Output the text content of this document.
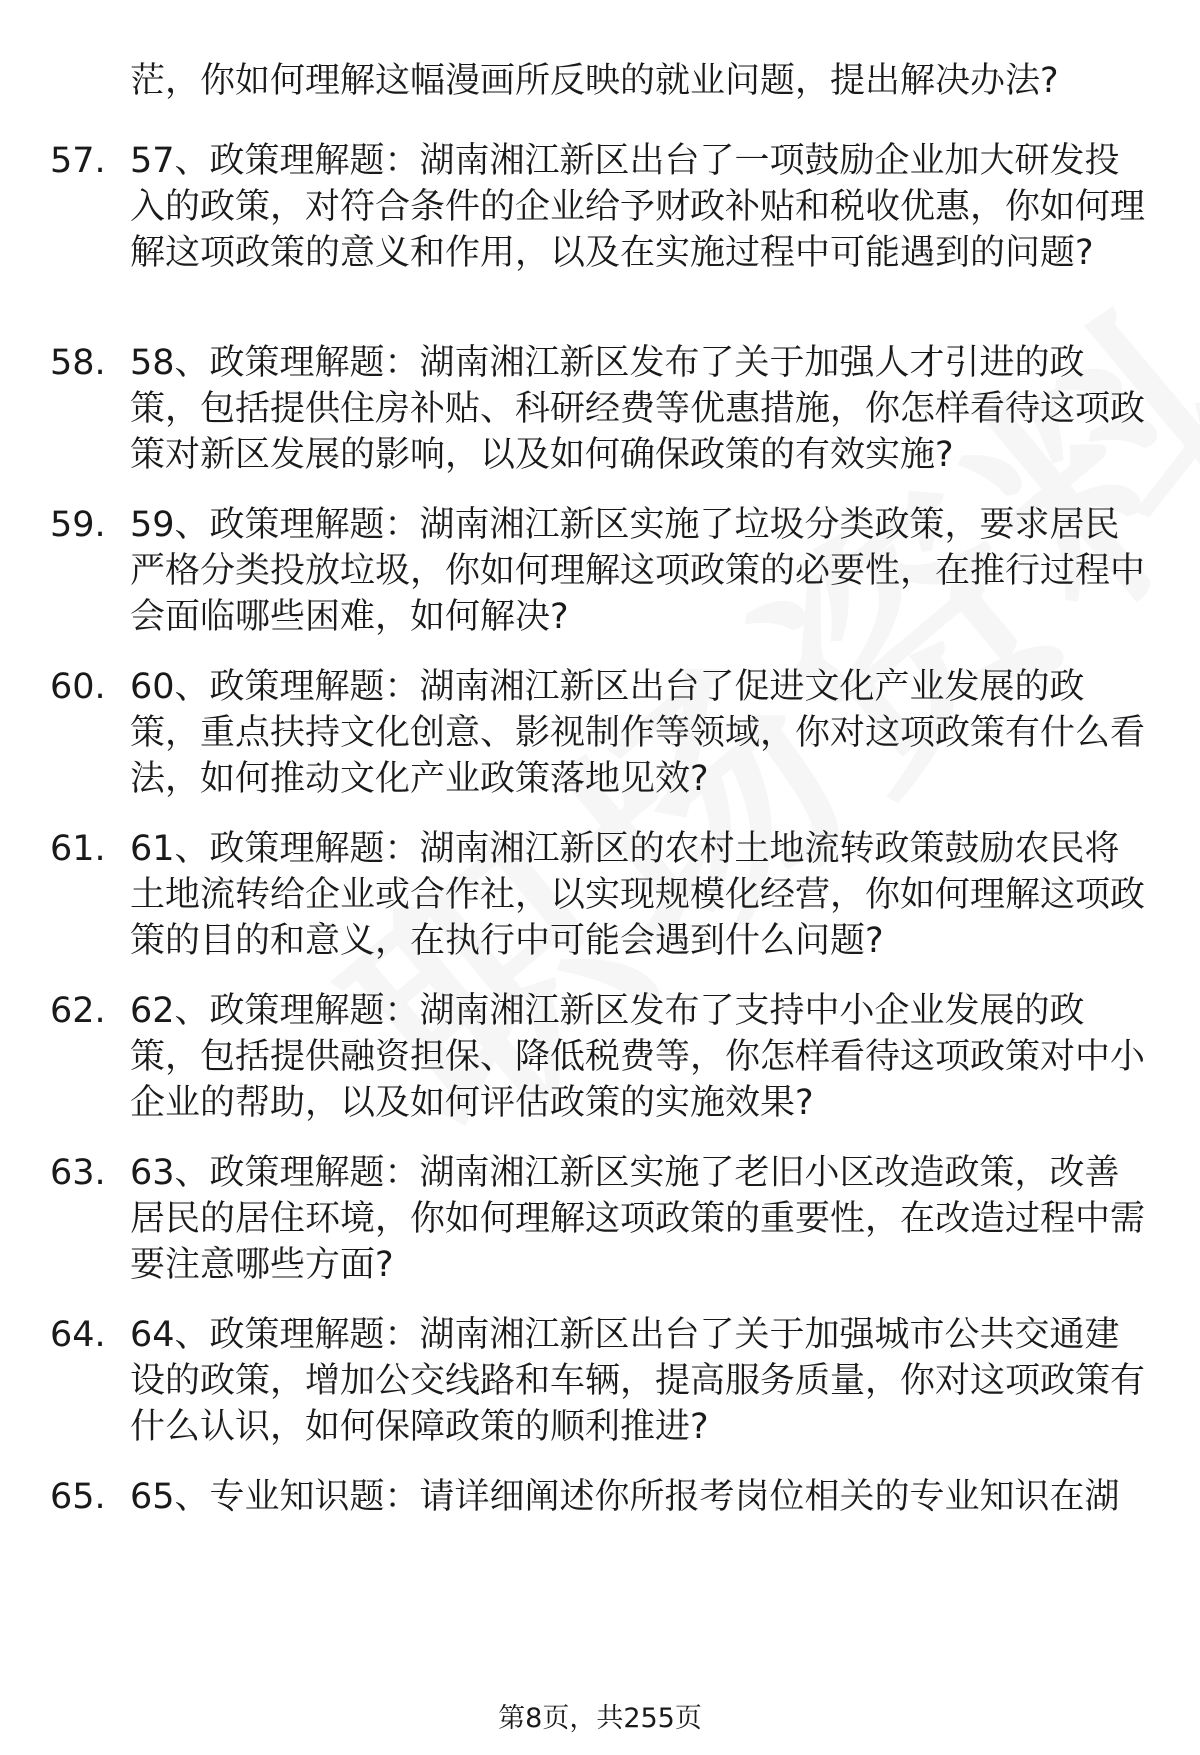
茫，你如何理解这幅漫画所反映的就业问题，提出解决办法?

57. 57、政策理解题：湖南湘江新区出台了一项鼓励企业加大研发投入的政策，对符合条件的企业给予财政补贴和税收优惠，你如何理解这项政策的意义和作用，以及在实施过程中可能遇到的问题?

58. 58、政策理解题：湖南湘江新区发布了关于加强人才引进的政策，包括提供住房补贴、科研经费等优惠措施，你怎样看待这项政策对新区发展的影响，以及如何确保政策的有效实施?

59. 59、政策理解题：湖南湘江新区实施了垃圾分类政策，要求居民严格分类投放垃圾，你如何理解这项政策的必要性，在推行过程中会面临哪些困难，如何解决?

60. 60、政策理解题：湖南湘江新区出台了促进文化产业发展的政策，重点扶持文化创意、影视制作等领域，你对这项政策有什么看法，如何推动文化产业政策落地见效?

61. 61、政策理解题：湖南湘江新区的农村土地流转政策鼓励农民将土地流转给企业或合作社，以实现规模化经营，你如何理解这项政策的目的和意义，在执行中可能会遇到什么问题?

62. 62、政策理解题：湖南湘江新区发布了支持中小企业发展的政策，包括提供融资担保、降低税费等，你怎样看待这项政策对中小企业的帮助，以及如何评估政策的实施效果?

63. 63、政策理解题：湖南湘江新区实施了老旧小区改造政策，改善居民的居住环境，你如何理解这项政策的重要性，在改造过程中需要注意哪些方面?

64. 64、政策理解题：湖南湘江新区出台了关于加强城市公共交通建设的政策，增加公交线路和车辆，提高服务质量，你对这项政策有什么认识，如何保障政策的顺利推进?

65. 65、专业知识题：请详细阐述你所报考岗位相关的专业知识在湖

第8页，共255页
